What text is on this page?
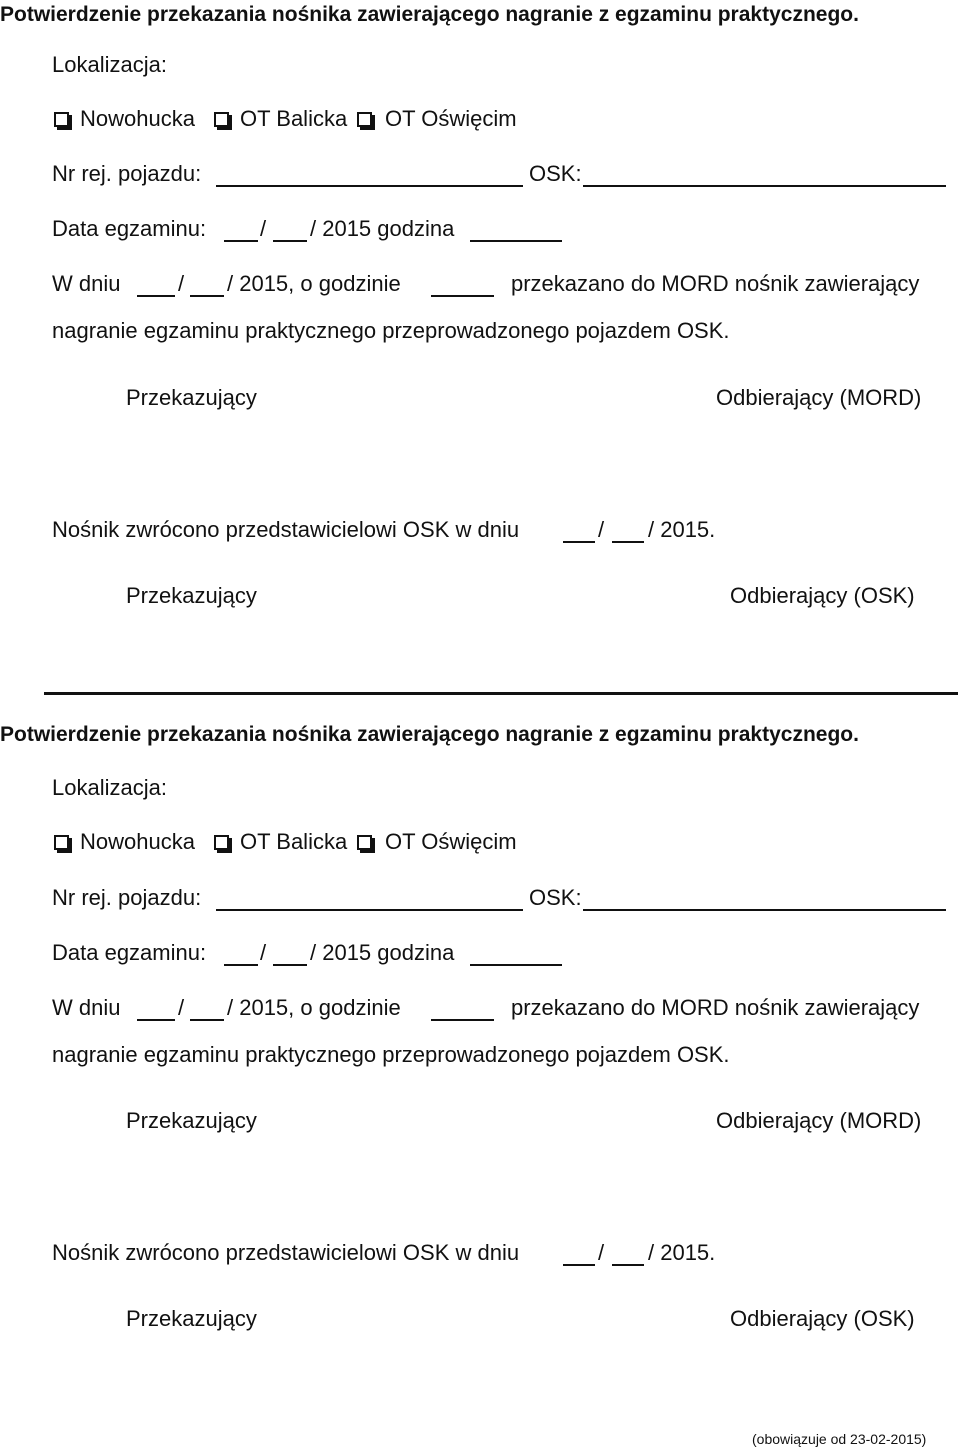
Potwierdzenie przekazania nośnika zawierającego nagranie z egzaminu praktycznego.
Lokalizacja:
Nowohucka OT Balicka OT Oświęcim
Nr rej. pojazdu:	OSK:
Data egzaminu: / / 2015 godzina
W dniu	/ / 2015, o godzinie	przekazano do MORD nośnik zawierający
nagranie egzaminu praktycznego przeprowadzonego pojazdem OSK.
Przekazujący	Odbierający (MORD)
Nośnik zwrócono przedstawicielowi OSK w dniu	/ / 2015.
Przekazujący	Odbierający (OSK)
Potwierdzenie przekazania nośnika zawierającego nagranie z egzaminu praktycznego.
Lokalizacja:
Nowohucka OT Balicka OT Oświęcim
Nr rej. pojazdu:	OSK:
Data egzaminu: / / 2015 godzina
W dniu	/ / 2015, o godzinie	przekazano do MORD nośnik zawierający
nagranie egzaminu praktycznego przeprowadzonego pojazdem OSK.
Przekazujący	Odbierający (MORD)
Nośnik zwrócono przedstawicielowi OSK w dniu	/ / 2015.
Przekazujący	Odbierający (OSK)
(obowiązuje od 23-02-2015)
